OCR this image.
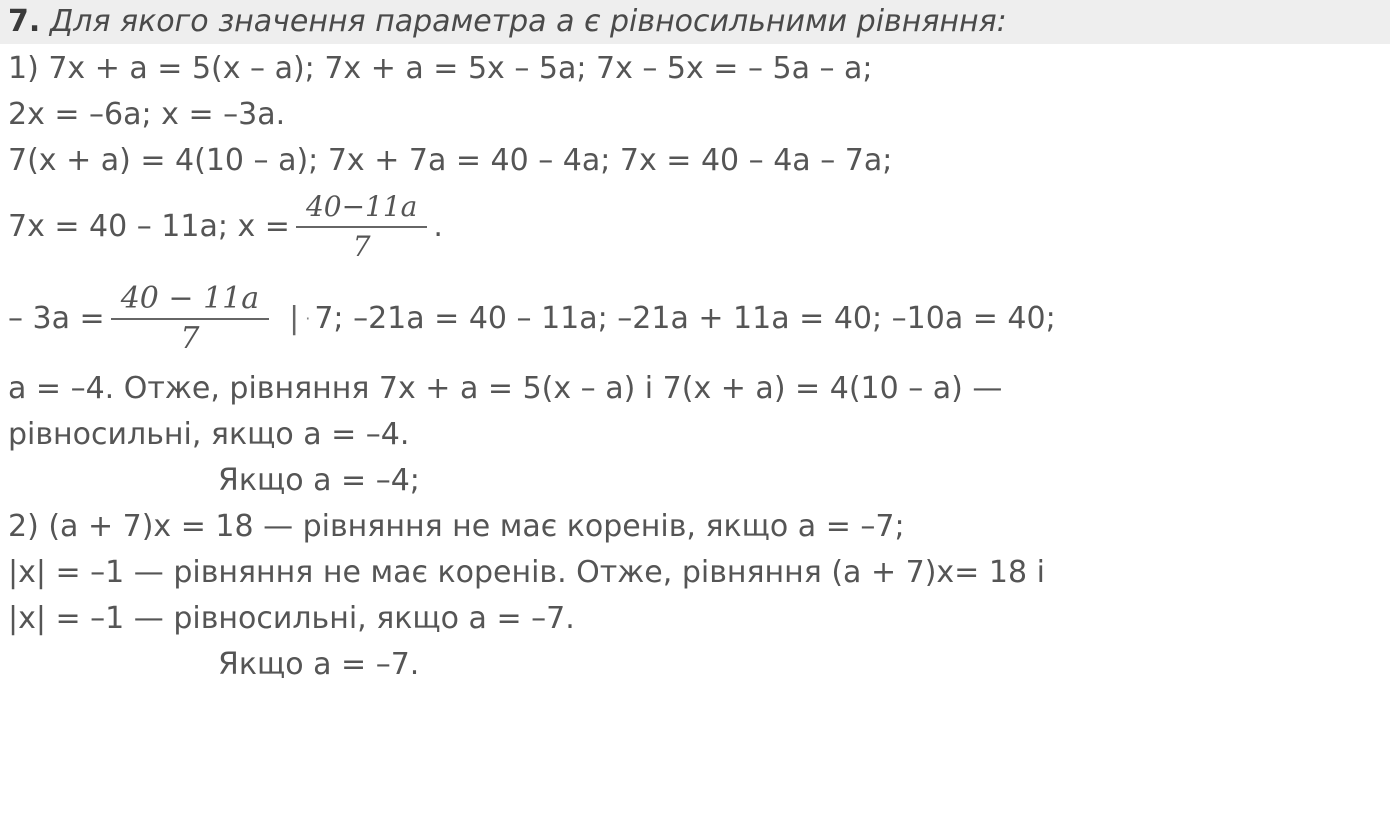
7. Для якого значення параметра а є рівносильними рівняння:
1) 7х + а = 5(х – а); 7х + а = 5х – 5а; 7х – 5х = – 5а – а;
2х = –6а; х = –3а.
7(х + а) = 4(10 – а); 7х + 7а = 40 – 4а; 7х = 40 – 4а – 7а;
7х = 40 – 11а; $х = \frac{40-11a}{7}$ .
– $3а = \frac{40 - 11a}{7}$ | · 7; –21а = 40 – 11а; –21а + 11а = 40; –10а = 40;
а = –4. Отже, рівняння 7х + а = 5(х – а) і 7(х + а) = 4(10 – а) —
рівносильні, якщо а = –4.
Якщо а = –4;
2) (а + 7)х = 18 — рівняння не має коренів, якщо а = –7;
|х| = –1 — рівняння не має коренів. Отже, рівняння (а + 7)х= 18 і
|х| = –1 — рівносильні, якщо а = –7.
Якщо а = –7.
